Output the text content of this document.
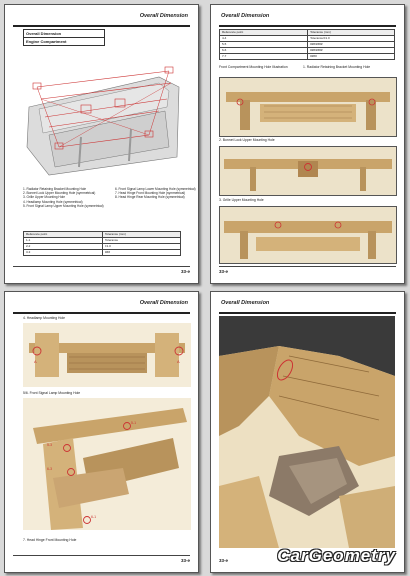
Overall Dimension
Overall Dimension
Engine Compartment
1. Radiator Retaining Bracket Mounting Hole
2. Bonnet Lock Upper Mounting Hole (symmetrical)
3. Grille Upper Mounting Hole
4. Headlamp Mounting Hole (symmetrical)
5. Front Signal Lamp Upper Mounting Hole (symmetrical)
6. Front Signal Lamp Lower Mounting Hole (symmetrical)
7. Head Hinge Front Mounting Hole (symmetrical)
8. Head Hinge Rear Mounting Hole (symmetrical)
Reference point	Tolerance (mm)
1-1	Tolerance
2-2	±1.0
3-3	###
33-e
Overall Dimension
Reference point	Tolerance (mm)
4-4	Tolerance/±1.0
5-5	###/####
6-6	###/####
7-7	####
Front Compartment Mounting Hole Illustration	1. Radiator Retaining Bracket Mounting Hole
2. Bonnet Lock Upper Mounting Hole
3. Grille Upper Mounting Hole
33-e
Overall Dimension
4. Headlamp Mounting Hole
A	A
5/6. Front Signal Lamp Mounting Hole
5-3
6-3
5-1
6-1
7. Head Hinge Front Mounting Hole
33-e
Overall Dimension
CarGeometry
33-e
